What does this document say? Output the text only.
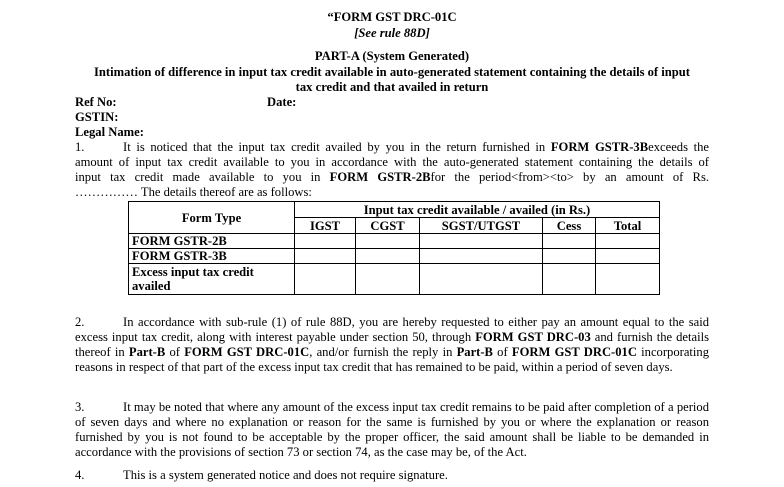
“FORM GST DRC-01C
[See rule 88D]
PART-A (System Generated)
Intimation of difference in input tax credit available in auto-generated statement containing the details of input
tax credit and that availed in return
Ref No:	Date:
GSTIN:
Legal Name:
1.	It is noticed that the input tax credit availed by you in the return furnished in FORM GSTR-3Bexceeds the
amount of input tax credit available to you in accordance with the auto-generated statement containing the details of
input tax credit made available to you in FORM GSTR-2Bfor the period<from><to> by an amount of Rs.
…………… The details thereof are as follows:
Form Type	Input tax credit available / availed (in Rs.)				
	IGST	CGST	SGST/UTGST	Cess	Total
FORM GSTR-2B					
FORM GSTR-3B					
Excess input tax credit availed					
2.	In accordance with sub-rule (1) of rule 88D, you are hereby requested to either pay an amount equal to the said excess input tax credit, along with interest payable under section 50, through FORM GST DRC-03 and furnish the details thereof in Part-B of FORM GST DRC-01C, and/or furnish the reply in Part-B of FORM GST DRC-01C incorporating reasons in respect of that part of the excess input tax credit that has remained to be paid, within a period of seven days.
3.	It may be noted that where any amount of the excess input tax credit remains to be paid after completion of a period of seven days and where no explanation or reason for the same is furnished by you or where the explanation or reason furnished by you is not found to be acceptable by the proper officer, the said amount shall be liable to be demanded in accordance with the provisions of section 73 or section 74, as the case may be, of the Act.
4.	This is a system generated notice and does not require signature.
